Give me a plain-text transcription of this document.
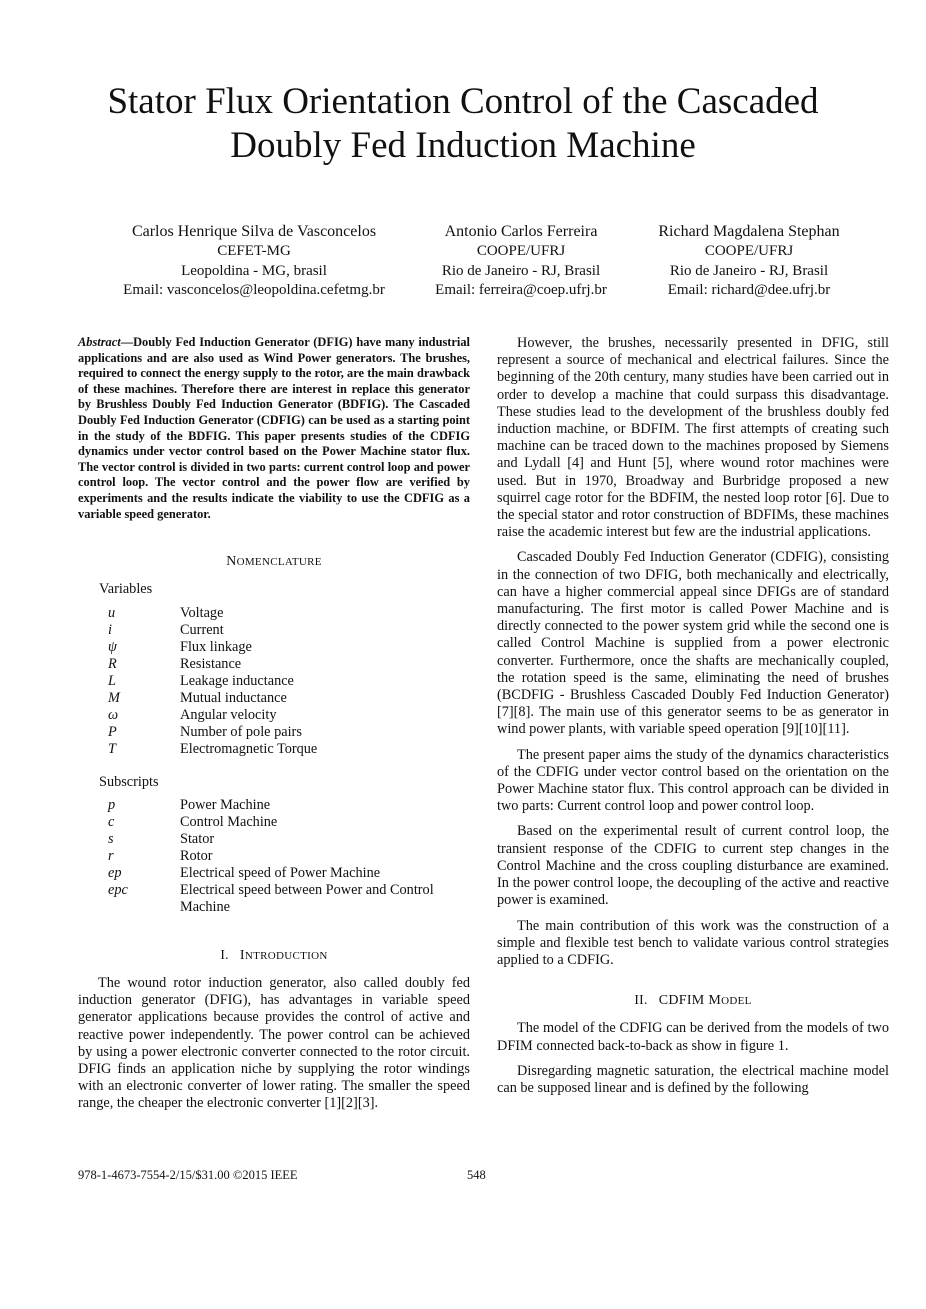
Stator Flux Orientation Control of the Cascaded
Doubly Fed Induction Machine
Carlos Henrique Silva de Vasconcelos
CEFET-MG
Leopoldina - MG, brasil
Email: vasconcelos@leopoldina.cefetmg.br
Antonio Carlos Ferreira
COOPE/UFRJ
Rio de Janeiro - RJ, Brasil
Email: ferreira@coep.ufrj.br
Richard Magdalena Stephan
COOPE/UFRJ
Rio de Janeiro - RJ, Brasil
Email: richard@dee.ufrj.br
Abstract—Doubly Fed Induction Generator (DFIG) have many industrial applications and are also used as Wind Power generators. The brushes, required to connect the energy supply to the rotor, are the main drawback of these machines. Therefore there are interest in replace this generator by Brushless Doubly Fed Induction Generator (BDFIG). The Cascaded Doubly Fed Induction Generator (CDFIG) can be used as a starting point in the study of the BDFIG. This paper presents studies of the CDFIG dynamics under vector control based on the Power Machine stator flux. The vector control is divided in two parts: current control loop and power control loop. The vector control and the power flow are verified by experiments and the results indicate the viability to use the CDFIG as a variable speed generator.
NOMENCLATURE
Variables
u	Voltage
i	Current
ψ	Flux linkage
R	Resistance
L	Leakage inductance
M	Mutual inductance
ω	Angular velocity
P	Number of pole pairs
T	Electromagnetic Torque
Subscripts
p	Power Machine
c	Control Machine
s	Stator
r	Rotor
ep	Electrical speed of Power Machine
epc	Electrical speed between Power and Control Machine
I. INTRODUCTION

The wound rotor induction generator, also called doubly fed induction generator (DFIG), has advantages in variable speed generator applications because provides the control of active and reactive power independently. The power control can be achieved by using a power electronic converter connected to the rotor circuit. DFIG finds an application niche by supplying the rotor windings with an electronic converter of lower rating. The smaller the speed range, the cheaper the electronic converter [1][2][3].

However, the brushes, necessarily presented in DFIG, still represent a source of mechanical and electrical failures. Since the beginning of the 20th century, many studies have been carried out in order to develop a machine that could surpass this disadvantage. These studies lead to the development of the brushless doubly fed induction machine, or BDFIM. The first attempts of creating such machine can be traced down to the machines proposed by Siemens and Lydall [4] and Hunt [5], where wound rotor machines were used. But in 1970, Broadway and Burbridge proposed a new squirrel cage rotor for the BDFIM, the nested loop rotor [6]. Due to the special stator and rotor construction of BDFIMs, these machines raise the academic interest but few are the industrial applications.

Cascaded Doubly Fed Induction Generator (CDFIG), consisting in the connection of two DFIG, both mechanically and electrically, can have a higher commercial appeal since DFIGs are of standard manufacturing. The first motor is called Power Machine and is directly connected to the power system grid while the second one is called Control Machine is supplied from a power electronic converter. Furthermore, once the shafts are mechanically coupled, the rotation speed is the same, eliminating the need of brushes (BCDFIG - Brushless Cascaded Doubly Fed Induction Generator) [7][8]. The main use of this generator seems to be as generator in wind power plants, with variable speed operation [9][10][11].

The present paper aims the study of the dynamics characteristics of the CDFIG under vector control based on the orientation on the Power Machine stator flux. This control approach can be divided in two parts: Current control loop and power control loop.

Based on the experimental result of current control loop, the transient response of the CDFIG to current step changes in the Control Machine and the cross coupling disturbance are examined. In the power control loope, the decoupling of the active and reactive power is examined.

The main contribution of this work was the construction of a simple and flexible test bench to validate various control strategies applied to a CDFIG.

II. CDFIM MODEL

The model of the CDFIG can be derived from the models of two DFIM connected back-to-back as show in figure 1.

Disregarding magnetic saturation, the electrical machine model can be supposed linear and is defined by the following

978-1-4673-7554-2/15/$31.00 ©2015 IEEE	548
